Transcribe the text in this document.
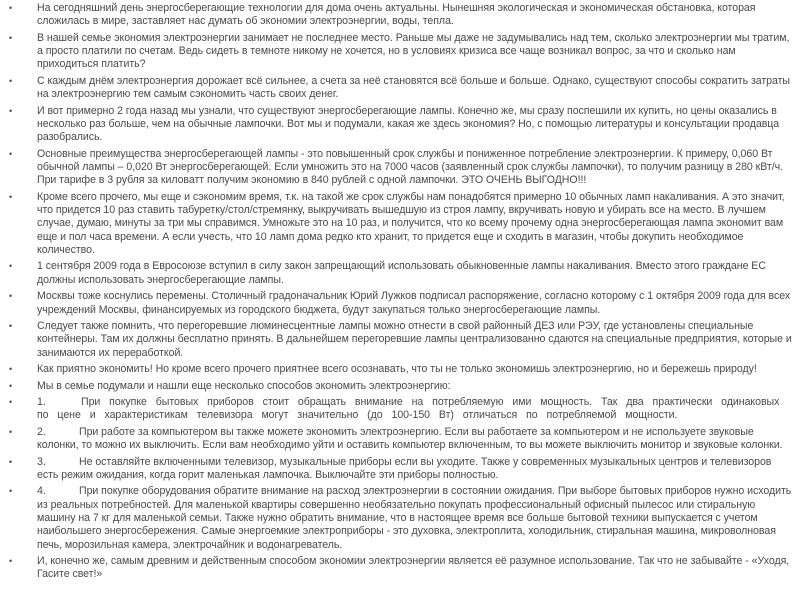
• На сегодняшний день энергосберегающие технологии для дома очень актуальны. Нынешняя экологическая и экономическая обстановка, которая сложилась в мире, заставляет нас думать об экономии электроэнергии, воды, тепла.
• В нашей семье экономия электроэнергии занимает не последнее место. Раньше мы даже не задумывались над тем, сколько электроэнергии мы тратим, а просто платили по счетам. Ведь сидеть в темноте никому не хочется, но в условиях кризиса все чаще возникал вопрос, за что и сколько нам приходиться платить?
• С каждым днём электроэнергия дорожает всё сильнее, а счета за неё становятся всё больше и больше. Однако, существуют способы сократить затраты на электроэнергию тем самым сэкономить часть своих денег.
• И вот примерно 2 года назад мы узнали, что существуют энергосберегающие лампы. Конечно же, мы сразу поспешили их купить, но цены оказались в несколько раз больше, чем на обычные лампочки. Вот мы и подумали, какая же здесь экономия? Но, с помощью литературы и консультации продавца разобрались.
• Основные преимущества энергосберегающей лампы - это повышенный срок службы и пониженное потребление электроэнергии. К примеру, 0,060 Вт обычной лампы – 0,020 Вт энергосберегающей. Если умножить это на 7000 часов (заявленный срок службы лампочки), то получим разницу в 280 кВт/ч. При тарифе в 3 рубля за киловатт получим экономию в 840 рублей с одной лампочки. ЭТО ОЧЕНЬ ВЫГОДНО!!!
• Кроме всего прочего, мы еще и сэкономим время, т.к. на такой же срок службы нам понадобятся примерно 10 обычных ламп накаливания. А это значит, что придется 10 раз ставить табуретку/стол/стремянку, выкручивать вышедшую из строя лампу, вкручивать новую и убирать все на место. В лучшем случае, думаю, минуты за три мы справимся. Умножьте это на 10 раз, и получится, что ко всему прочему одна энергосберегающая лампа экономит вам еще и пол часа времени. А если учесть, что 10 ламп дома редко кто хранит, то придется еще и сходить в магазин, чтобы докупить необходимое количество.
• 1 сентября 2009 года в Евросоюзе вступил в силу закон запрещающий использовать обыкновенные лампы накаливания. Вместо этого граждане ЕС должны использовать энергосберегающие лампы.
• Москвы тоже коснулись перемены. Столичный градоначальник Юрий Лужков подписал распоряжение, согласно которому с 1 октября 2009 года для всех учреждений Москвы, финансируемых из городского бюджета, будут закупаться только энергосберегающие лампы.
• Следует также помнить, что перегоревшие люминесцентные лампы можно отнести в свой районный ДЕЗ или РЭУ, где установлены специальные контейнеры. Там их должны бесплатно принять. В дальнейшем перегоревшие лампы централизованно сдаются на специальные предприятия, которые и занимаются их переработкой.
• Как приятно экономить! Но кроме всего прочего приятнее всего осознавать, что ты не только экономишь электроэнергию, но и бережешь природу!
• Мы в семье подумали и нашли еще несколько способов экономить электроэнергию:
• 1.	При покупке бытовых приборов стоит обращать внимание на потребляемую ими мощность. Так два практически одинаковых по цене и характеристикам телевизора могут значительно (до 100-150 Вт) отличаться по потребляемой мощности.
• 2.	При работе за компьютером вы также можете экономить электроэнергию. Если вы работаете за компьютером и не используете звуковые колонки, то можно их выключить. Если вам необходимо уйти и оставить компьютер включенным, то вы можете выключить монитор и звуковые колонки.
• 3.	Не оставляйте включенными телевизор, музыкальные приборы если вы уходите. Также у современных музыкальных центров и телевизоров есть режим ожидания, когда горит маленькая лампочка. Выключайте эти приборы полностью.
• 4.	При покупке оборудования обратите внимание на расход электроэнергии в состоянии ожидания. При выборе бытовых приборов нужно исходить из реальных потребностей. Для маленькой квартиры совершенно необязательно покупать профессиональный офисный пылесос или стиральную машину на 7 кг для маленькой семьи. Также нужно обратить внимание, что в настоящее время все больше бытовой техники выпускается с учетом наибольшего энергосбережения. Самые энергоемкие электроприборы - это духовка, электроплита, холодильник, стиральная машина, микроволновая печь, морозильная камера, электрочайник и водонагреватель.
• И, конечно же, самым древним и действенным способом экономии электроэнергии является её разумное использование. Так что не забывайте - «Уходя, Гасите свет!»
